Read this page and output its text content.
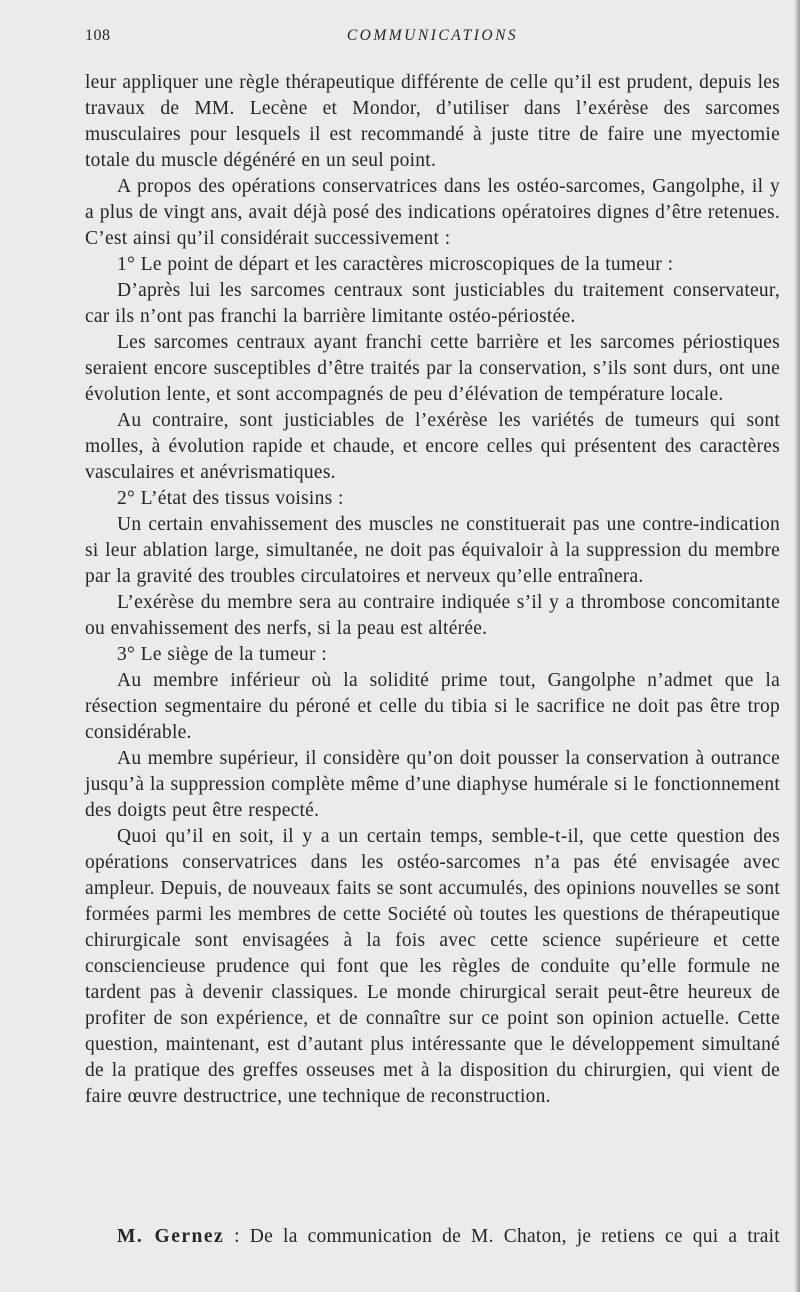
108	COMMUNICATIONS

leur appliquer une règle thérapeutique différente de celle qu’il est prudent, depuis les travaux de MM. Lecène et Mondor, d’utiliser dans l’exérèse des sarcomes musculaires pour lesquels il est recommandé à juste titre de faire une myectomie totale du muscle dégénéré en un seul point.

A propos des opérations conservatrices dans les ostéo-sarcomes, Gangolphe, il y a plus de vingt ans, avait déjà posé des indications opératoires dignes d’être retenues. C’est ainsi qu’il considérait successivement :

1° Le point de départ et les caractères microscopiques de la tumeur :

D’après lui les sarcomes centraux sont justiciables du traitement conservateur, car ils n’ont pas franchi la barrière limitante ostéo-périostée.

Les sarcomes centraux ayant franchi cette barrière et les sarcomes périostiques seraient encore susceptibles d’être traités par la conservation, s’ils sont durs, ont une évolution lente, et sont accompagnés de peu d’élévation de température locale.

Au contraire, sont justiciables de l’exérèse les variétés de tumeurs qui sont molles, à évolution rapide et chaude, et encore celles qui présentent des caractères vasculaires et anévrismatiques.

2° L’état des tissus voisins :

Un certain envahissement des muscles ne constituerait pas une contre-indication si leur ablation large, simultanée, ne doit pas équivaloir à la suppression du membre par la gravité des troubles circulatoires et nerveux qu’elle entraînera.

L’exérèse du membre sera au contraire indiquée s’il y a thrombose concomitante ou envahissement des nerfs, si la peau est altérée.

3° Le siège de la tumeur :

Au membre inférieur où la solidité prime tout, Gangolphe n’admet que la résection segmentaire du péroné et celle du tibia si le sacrifice ne doit pas être trop considérable.

Au membre supérieur, il considère qu’on doit pousser la conservation à outrance jusqu’à la suppression complète même d’une diaphyse humérale si le fonctionnement des doigts peut être respecté.

Quoi qu’il en soit, il y a un certain temps, semble-t-il, que cette question des opérations conservatrices dans les ostéo-sarcomes n’a pas été envisagée avec ampleur. Depuis, de nouveaux faits se sont accumulés, des opinions nouvelles se sont formées parmi les membres de cette Société où toutes les questions de thérapeutique chirurgicale sont envisagées à la fois avec cette science supérieure et cette consciencieuse prudence qui font que les règles de conduite qu’elle formule ne tardent pas à devenir classiques. Le monde chirurgical serait peut-être heureux de profiter de son expérience, et de connaître sur ce point son opinion actuelle. Cette question, maintenant, est d’autant plus intéressante que le développement simultané de la pratique des greffes osseuses met à la disposition du chirurgien, qui vient de faire œuvre destructrice, une technique de reconstruction.

M. Gernez : De la communication de M. Chaton, je retiens ce qui a trait
